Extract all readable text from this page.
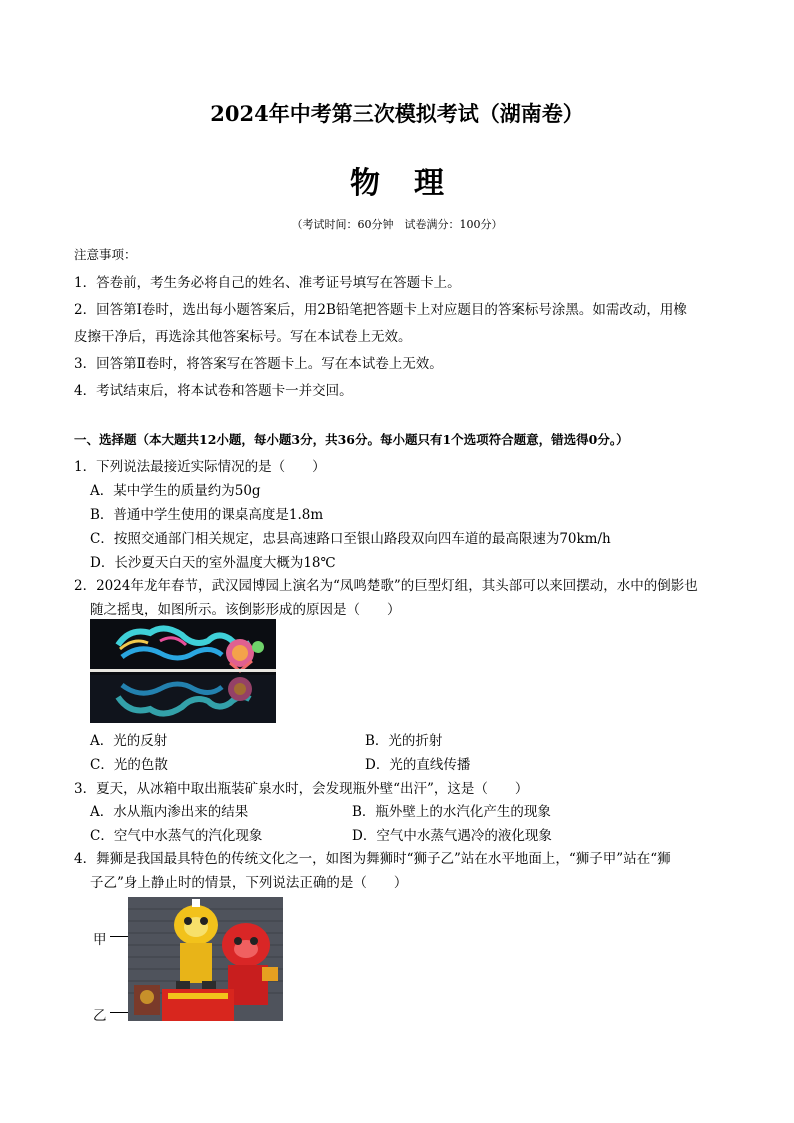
2024年中考第三次模拟考试（湖南卷）
物理
（考试时间：60分钟　试卷满分：100分）
注意事项：
1．答卷前，考生务必将自己的姓名、准考证号填写在答题卡上。
2．回答第Ⅰ卷时，选出每小题答案后，用2B铅笔把答题卡上对应题目的答案标号涂黑。如需改动，用橡
皮擦干净后，再选涂其他答案标号。写在本试卷上无效。
3．回答第Ⅱ卷时，将答案写在答题卡上。写在本试卷上无效。
4．考试结束后，将本试卷和答题卡一并交回。
一、选择题（本大题共12小题，每小题3分，共36分。每小题只有1个选项符合题意，错选得0分。）
1．下列说法最接近实际情况的是（　　）
A．某中学生的质量约为50g
B．普通中学生使用的课桌高度是1.8m
C．按照交通部门相关规定，忠县高速路口至银山路段双向四车道的最高限速为70km/h
D．长沙夏天白天的室外温度大概为18℃
2．2024年龙年春节，武汉园博园上演名为“凤鸣楚歌”的巨型灯组，其头部可以来回摆动，水中的倒影也
随之摇曳，如图所示。该倒影形成的原因是（　　）
A．光的反射	B．光的折射
C．光的色散	D．光的直线传播
3．夏天，从冰箱中取出瓶装矿泉水时，会发现瓶外壁“出汗”，这是（　　）
A．水从瓶内渗出来的结果	B．瓶外壁上的水汽化产生的现象
C．空气中水蒸气的汽化现象	D．空气中水蒸气遇冷的液化现象
4．舞狮是我国最具特色的传统文化之一，如图为舞狮时“狮子乙”站在水平地面上，“狮子甲”站在“狮
子乙”身上静止时的情景，下列说法正确的是（　　）
甲
乙
